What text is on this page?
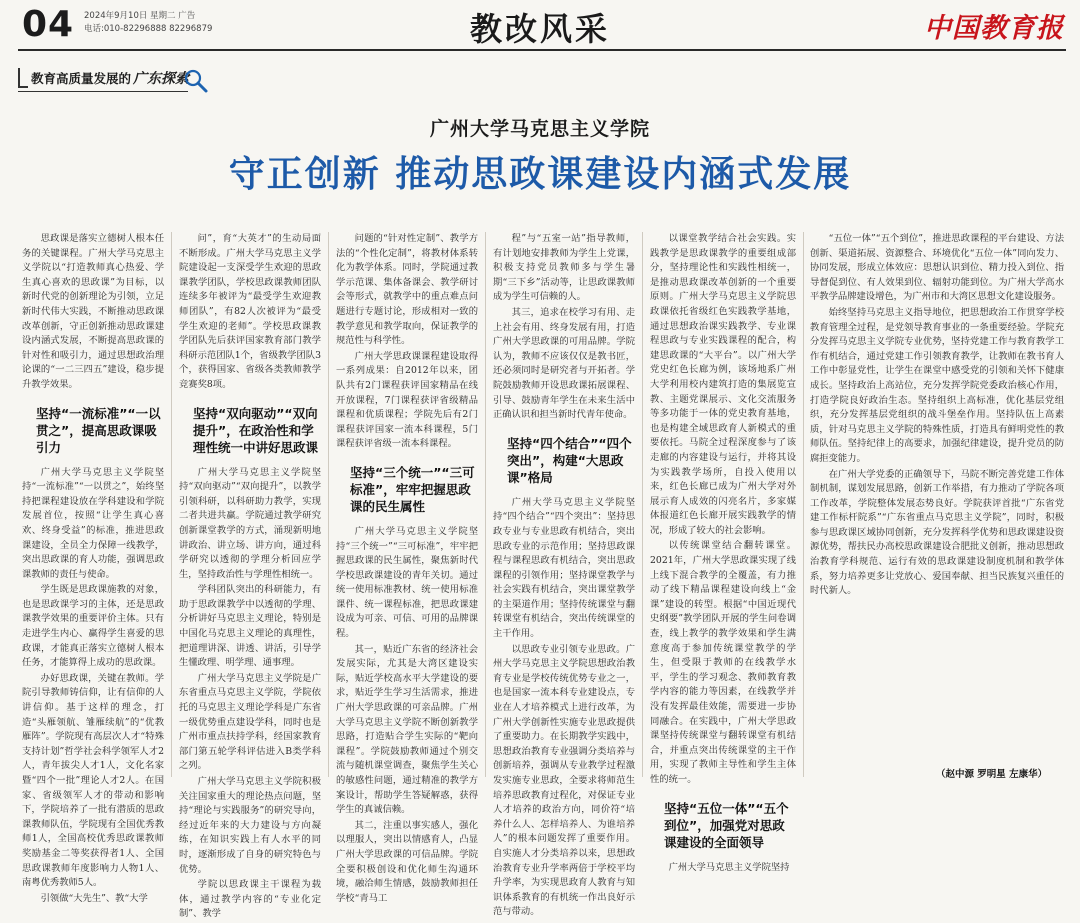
04 2024年9月10日 星期二 广告
电话:010-82296888 82296879	教改风采	中国教育报
教育高质量发展的 广东探索
广州大学马克思主义学院
守正创新 推动思政课建设内涵式发展

思政课是落实立德树人根本任务的关键课程。广州大学马克思主义学院以“打造教师真心热爱、学生真心喜欢的思政课”为目标，以新时代党的创新理论为引领，立足新时代伟大实践，不断推动思政课改革创新，守正创新推动思政课建设内涵式发展，不断提高思政课的针对性和吸引力，通过思想政治理论课的“一二三四五”建设，稳步提升教学效果。

坚持“一流标准”“一以贯之”，提高思政课吸引力

广州大学马克思主义学院坚持“一流标准”“一以贯之”，始终坚持把课程建设放在学科建设和学院发展首位，按照“让学生真心喜欢、终身受益”的标准，推进思政课建设，全员全力保障一线教学，突出思政课的育人功能，强调思政课教师的责任与使命。

学生既是思政课施教的对象，也是思政课学习的主体，还是思政课教学效果的重要评价主体。只有走进学生内心、赢得学生喜爱的思政课，才能真正落实立德树人根本任务，才能算得上成功的思政课。

办好思政课，关键在教师。学院引导教师铸信仰，让有信仰的人讲信仰。基于这样的理念，打造“头雁领航、雏雁续航”的“优教雁阵”。学院现有高层次人才“特殊支持计划”哲学社会科学领军人才2人，青年拔尖人才1人，文化名家暨“四个一批”理论人才2人。在国家、省级领军人才的带动和影响下，学院培养了一批有潜质的思政课教师队伍，学院现有全国优秀教师1人，全国高校优秀思政课教师奖励基金二等奖获得者1人、全国思政课教师年度影响力人物1人、南粤优秀教师5人。

引领做“大先生”、教“大学

问”，育“大英才”的生动局面不断形成。广州大学马克思主义学院建设起一支深受学生欢迎的思政课教学团队，学校思政课教师团队连续多年被评为“最受学生欢迎教师团队”，有82人次被评为“最受学生欢迎的老师”。学校思政课教学团队先后获评国家教育部门教学科研示范团队1个，省级教学团队3个，获得国家、省级各类教师教学竞赛奖8项。

坚持“双向驱动”“双向提升”，在政治性和学理性统一中讲好思政课

广州大学马克思主义学院坚持“双向驱动”“双向提升”，以教学引领科研，以科研助力教学，实现二者共进共赢。学院通过教学研究创新课堂教学的方式，涌现新明地讲政治、讲立场、讲方向，通过科学研究以透彻的学理分析回应学生，坚持政治性与学理性相统一。

学科团队突出的科研能力，有助于思政课教学中以透彻的学理、分析讲好马克思主义理论，特别是中国化马克思主义理论的真理性，把道理讲深、讲透、讲活，引导学生懂政理、明学理、通事理。

广州大学马克思主义学院是广东省重点马克思主义学院，学院依托的马克思主义理论学科是广东省一级优势重点建设学科，同时也是广州市重点扶持学科，经国家教育部门第五轮学科评估进入B类学科之列。

广州大学马克思主义学院积极关注国家重大的理论热点问题，坚持“理论与实践服务”的研究导向，经过近年来的大力建设与方向凝练，在知识实践上有人水平的同时，逐渐形成了自身的研究特色与优势。

学院以思政课主干课程为载体，通过教学内容的“专业化定制”、教学

问题的“针对性定制”、教学方法的“个性化定制”，将教材体系转化为教学体系。同时，学院通过教学示范课、集体备课会、教学研讨会等形式，就教学中的重点难点问题进行专题讨论，形成相对一致的教学意见和教学取向，保证教学的规范性与科学性。

广州大学思政课课程建设取得一系列成果：自2012年以来，团队共有2门课程获评国家精品在线开放课程，7门课程获评省级精品课程和优质课程；学院先后有2门课程获评国家一流本科课程，5门课程获评省级一流本科课程。

坚持“三个统一”“三可标准”，牢牢把握思政课的民生属性

广州大学马克思主义学院坚持“三个统一”“三可标准”，牢牢把握思政课的民生属性，聚焦新时代学校思政课建设的青年关切。通过统一使用标准教材、统一使用标准课件、统一课程标准，把思政课建设成为可亲、可信、可用的品牌课程。

其一，贴近广东省的经济社会发展实际，尤其是大湾区建设实际，贴近学校高水平大学建设的要求，贴近学生学习生活需求，推进广州大学思政课的可亲品牌。广州大学马克思主义学院不断创新教学思路，打造贴合学生实际的“靶向课程”。学院鼓励教师通过个别交流与随机课堂调查，聚焦学生关心的敏感性问题，通过精准的教学方案设计，帮助学生答疑解惑，获得学生的真诚信赖。

其二，注重以事实感人，强化以理服人，突出以情感育人，凸显广州大学思政课的可信品牌。学院全要积极创设和优化师生沟通环境，融洽师生情感，鼓励教师担任学校“青马工

程”与“五室一站”指导教师，有计划地安排教师为学生上党课，积极支持党员教师多与学生暑期“三下乡”活动等，让思政课教师成为学生可信赖的人。

其三，追求在校学习有用、走上社会有用、终身发展有用，打造广州大学思政课的可用品牌。学院认为，教师不应该仅仅是教书匠，还必须同时是研究者与开拓者。学院鼓励教师开设思政课拓展课程、引导、鼓励青年学生在未来生活中正确认识和担当新时代青年使命。

坚持“四个结合”“四个突出”，构建“大思政课”格局

广州大学马克思主义学院坚持“四个结合”“四个突出”：坚持思政专业与专业思政有机结合，突出思政专业的示范作用；坚持思政课程与课程思政有机结合，突出思政课程的引领作用；坚持课堂教学与社会实践有机结合，突出课堂教学的主渠道作用；坚持传统课堂与翻转课堂有机结合，突出传统课堂的主干作用。

以思政专业引领专业思政。广州大学马克思主义学院思想政治教育专业是学校传统优势专业之一，也是国家一流本科专业建设点，专业在人才培养模式上进行改革，为广州大学创新性实施专业思政提供了重要助力。在长期教学实践中，思想政治教育专业强调分类培养与创新培养，强调从专业教学过程激发实施专业思政，全要求将师范生培养思政教育过程化，对保证专业人才培养的政治方向，同价符“培养什么人、怎样培养人、为谁培养人”的根本问题发挥了重要作用。自实施人才分类培养以来，思想政治教育专业升学率两倍于学校平均升学率，为实现思政育人教育与知识体系教育的有机统一作出良好示范与带动。

以课堂教学结合社会实践。实践教学是思政课教学的重要组成部分，坚持理论性和实践性相统一，是推动思政课改革创新的一个重要原则。广州大学马克思主义学院思政课依托省级红色实践教学基地，通过思想政治课实践教学、专业课程思政与专业实践课程的配合，构建思政课的“大平台”。以广州大学党史红色长廊为例，该场地系广州大学利用校内建筑打造的集展览宣教、主题党课展示、文化交流服务等多功能于一体的党史教育基地，也是构建全域思政育人新模式的重要依托。马院全过程深度参与了该走廊的内容建设与运行，并将其设为实践教学场所，自投入使用以来，红色长廊已成为广州大学对外展示育人成效的闪亮名片，多家媒体报道红色长廊开展实践教学的情况，形成了较大的社会影响。

以传统课堂结合翻转课堂。2021年，广州大学思政课实现了线上线下混合教学的全覆盖，有力推动了线下精品课程建设向线上“金课”建设的转型。根据“中国近现代史纲要”教学团队开展的学生问卷调查，线上教学的教学效果和学生满意度高于参加传统课堂教学的学生，但受限于教师的在线教学水平，学生的学习观念、教师教育教学内容的能力等因素，在线教学并没有发挥最佳效能，需要进一步协同融合。在实践中，广州大学思政课坚持传统课堂与翻转课堂有机结合，并重点突出传统课堂的主干作用，实现了教师主导性和学生主体性的统一。

坚持“五位一体”“五个到位”，加强党对思政课建设的全面领导

广州大学马克思主义学院坚持

“五位一体”“五个到位”，推进思政课程的平台建设、方法创新、渠道拓展、资源整合、环境优化“五位一体”同向发力、协同发展，形成立体效应：思想认识到位、精力投入到位、指导督促到位、有人效果到位、辐射功能到位。为广州大学高水平教学品牌建设增色，为广州市和大湾区思想文化建设服务。

始终坚持马克思主义指导地位，把思想政治工作贯穿学校教育管理全过程，是党领导教育事业的一条重要经验。学院充分发挥马克思主义学院专业优势，坚持党建工作与教育教学工作有机结合，通过党建工作引领教育教学，让教师在教书育人工作中彰显党性，让学生在课堂中感受党的引领和关怀下健康成长。坚持政治上高站位，充分发挥学院党委政治核心作用，打造学院良好政治生态。坚持组织上高标准，优化基层党组织，充分发挥基层党组织的战斗堡垒作用。坚持队伍上高素质，针对马克思主义学院的特殊性质，打造具有鲜明党性的教师队伍。坚持纪律上的高要求，加强纪律建设，提升党员的防腐拒变能力。

在广州大学党委的正确领导下，马院不断完善党建工作体制机制，谋划发展思路，创新工作举措，有力推动了学院各项工作改革，学院整体发展态势良好。学院获评首批“广东省党建工作标杆院系”“广东省重点马克思主义学院”，同时，积极参与思政课区域协同创新，充分发挥科学优势和思政课建设资源优势，帮扶民办高校思政课建设合肥批义创新，推动思想政治教育学科规范、运行有效的思政课建设制度机制和教学体系，努力培养更多让党放心、爱国奉献、担当民族复兴重任的时代新人。

（赵中源 罗明星 左康华）
